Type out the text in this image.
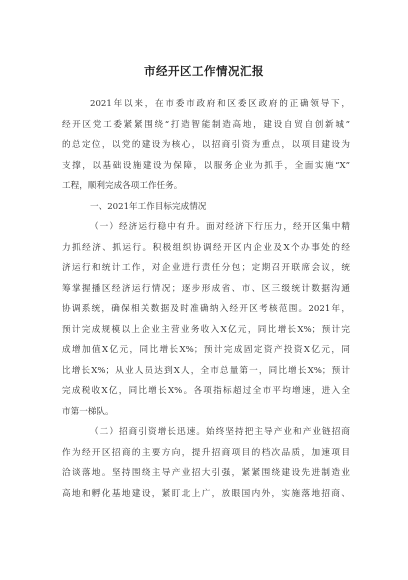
市经开区工作情况汇报
2021年以来，在市委市政府和区委区政府的正确领导下，
经开区党工委紧紧围绕“打造智能制造高地，建设自贸自创新城”
的总定位，以党的建设为核心，以招商引资为重点，以项目建设为
支撑，以基础设施建设为保障，以服务企业为抓手，全面实施“X”
工程，顺利完成各项工作任务。
一、2021年工作目标完成情况
（一）经济运行稳中有升。面对经济下行压力，经开区集中精
力抓经济、抓运行。积极组织协调经开区内企业及X个办事处的经
济运行和统计工作，对企业进行责任分包；定期召开联席会议，统
筹掌握播区经济运行情况；逐步形成省、市、区三级统计数据沟通
协调系统，确保相关数据及时准确纳入经开区考核范围。2021年，
预计完成规模以上企业主营业务收入X亿元，同比增长X%；预计完
成增加值X亿元，同比增长X%；预计完成固定资产投资X亿元，同
比增长X%；从业人员达到X人，全市总量第一，同比增长X%；预计
完成税收X亿，同比增长X%。各项指标超过全市平均增速，进入全
市第一梯队。
（二）招商引资增长迅速。始终坚持把主导产业和产业链招商
作为经开区招商的主要方向，提升招商项目的档次品质，加速项目
洽谈落地。坚持围绕主导产业招大引强，紧紧围绕建设先进制造业
高地和孵化基地建设，紧盯北上广，放眼国内外，实施落地招商、
